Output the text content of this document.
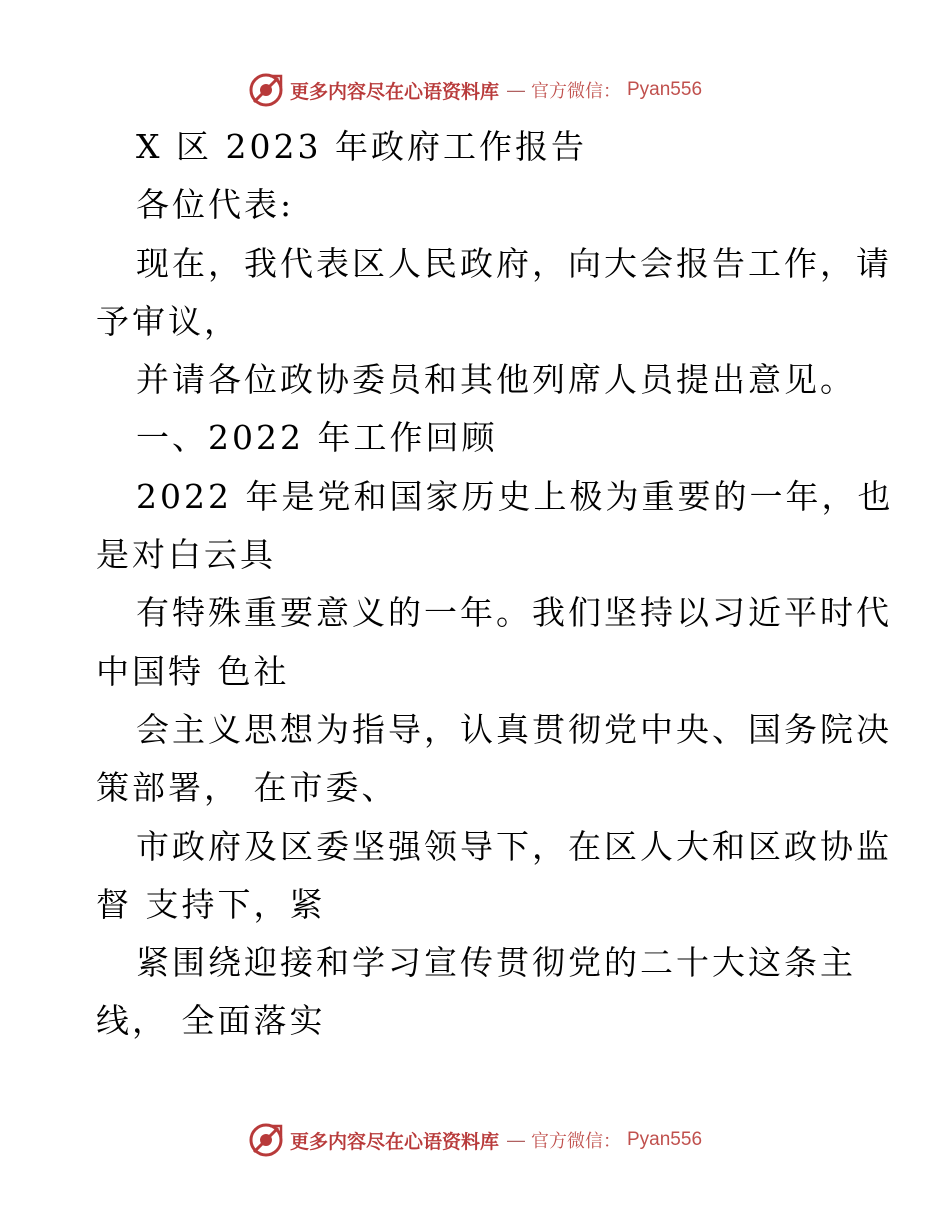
更多内容尽在心语资料库 — 官方微信： Pyan556
X 区 2023 年政府工作报告
各位代表:
现在，我代表区人民政府，向大会报告工作，请
予审议，
并请各位政协委员和其他列席人员提出意见。
一、2022 年工作回顾
2022 年是党和国家历史上极为重要的一年，也
是对白云具
有特殊重要意义的一年。我们坚持以习近平时代
中国特 色社
会主义思想为指导，认真贯彻党中央、国务院决
策部署， 在市委、
市政府及区委坚强领导下，在区人大和区政协监
督 支持下，紧
紧围绕迎接和学习宣传贯彻党的二十大这条主
线， 全面落实
更多内容尽在心语资料库 — 官方微信： Pyan556
